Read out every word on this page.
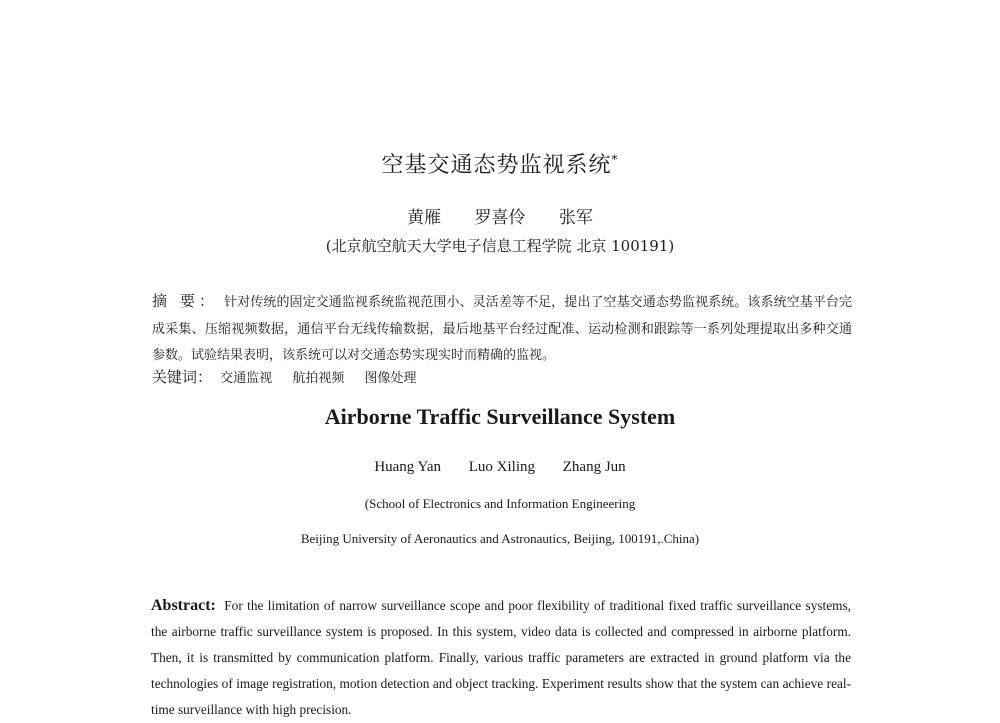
空基交通态势监视系统*
黄雁 罗喜伶 张军
(北京航空航天大学电子信息工程学院 北京 100191)
摘 要： 针对传统的固定交通监视系统监视范围小、灵活差等不足，提出了空基交通态势监视系统。该系统空基平台完成采集、压缩视频数据，通信平台无线传输数据，最后地基平台经过配准、运动检测和跟踪等一系列处理提取出多种交通参数。试验结果表明，该系统可以对交通态势实现实时而精确的监视。
关键词： 交通监视 航拍视频 图像处理
Airborne Traffic Surveillance System
Huang Yan Luo Xiling Zhang Jun
(School of Electronics and Information Engineering
Beijing University of Aeronautics and Astronautics, Beijing, 100191,.China)
Abstract: For the limitation of narrow surveillance scope and poor flexibility of traditional fixed traffic surveillance systems, the airborne traffic surveillance system is proposed. In this system, video data is collected and compressed in airborne platform. Then, it is transmitted by communication platform. Finally, various traffic parameters are extracted in ground platform via the technologies of image registration, motion detection and object tracking. Experiment results show that the system can achieve real-time surveillance with high precision.
